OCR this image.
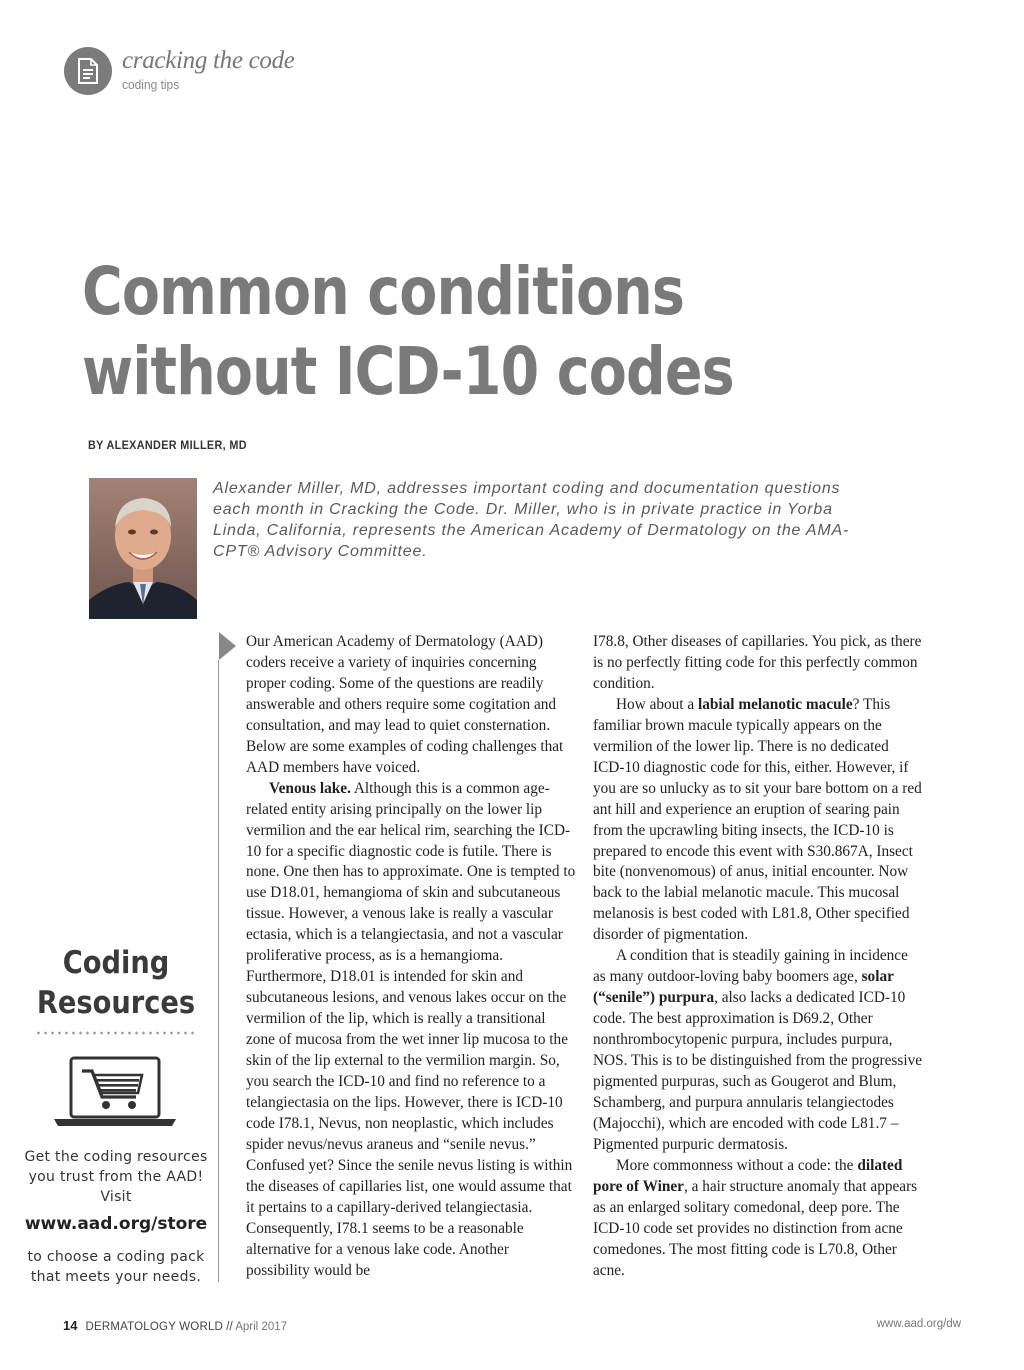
cracking the code
coding tips
Common conditions
without ICD-10 codes
BY ALEXANDER MILLER, MD

Alexander Miller, MD, addresses important coding and documentation questions each month in Cracking the Code. Dr. Miller, who is in private practice in Yorba Linda, California, represents the American Academy of Dermatology on the AMA-CPT® Advisory Committee.

Our American Academy of Dermatology (AAD) coders receive a variety of inquiries concerning proper coding. Some of the questions are readily answerable and others require some cogitation and consultation, and may lead to quiet consternation. Below are some examples of coding challenges that AAD members have voiced.

Venous lake. Although this is a common age-related entity arising principally on the lower lip vermilion and the ear helical rim, searching the ICD-10 for a specific diagnostic code is futile. There is none. One then has to approximate. One is tempted to use D18.01, hemangioma of skin and subcutaneous tissue. However, a venous lake is really a vascular ectasia, which is a telangiectasia, and not a vascular proliferative process, as is a hemangioma. Furthermore, D18.01 is intended for skin and subcutaneous lesions, and venous lakes occur on the vermilion of the lip, which is really a transitional zone of mucosa from the wet inner lip mucosa to the skin of the lip external to the vermilion margin. So, you search the ICD-10 and find no reference to a telangiectasia on the lips. However, there is ICD-10 code I78.1, Nevus, non neoplastic, which includes spider nevus/nevus araneus and “senile nevus.” Confused yet? Since the senile nevus listing is within the diseases of capillaries list, one would assume that it pertains to a capillary-derived telangiectasia. Consequently, I78.1 seems to be a reasonable alternative for a venous lake code. Another possibility would be

I78.8, Other diseases of capillaries. You pick, as there is no perfectly fitting code for this perfectly common condition.

How about a labial melanotic macule? This familiar brown macule typically appears on the vermilion of the lower lip. There is no dedicated ICD-10 diagnostic code for this, either. However, if you are so unlucky as to sit your bare bottom on a red ant hill and experience an eruption of searing pain from the upcrawling biting insects, the ICD-10 is prepared to encode this event with S30.867A, Insect bite (nonvenomous) of anus, initial encounter. Now back to the labial melanotic macule. This mucosal melanosis is best coded with L81.8, Other specified disorder of pigmentation.

A condition that is steadily gaining in incidence as many outdoor-loving baby boomers age, solar (“senile”) purpura, also lacks a dedicated ICD-10 code. The best approximation is D69.2, Other nonthrombocytopenic purpura, includes purpura, NOS. This is to be distinguished from the progressive pigmented purpuras, such as Gougerot and Blum, Schamberg, and purpura annularis telangiectodes (Majocchi), which are encoded with code L81.7 – Pigmented purpuric dermatosis.

More commonness without a code: the dilated pore of Winer, a hair structure anomaly that appears as an enlarged solitary comedonal, deep pore. The ICD-10 code set provides no distinction from acne comedones. The most fitting code is L70.8, Other acne.

Coding Resources
Get the coding resources you trust from the AAD! Visit
www.aad.org/store
to choose a coding pack that meets your needs.
14 DERMATOLOGY WORLD // April 2017	www.aad.org/dw
